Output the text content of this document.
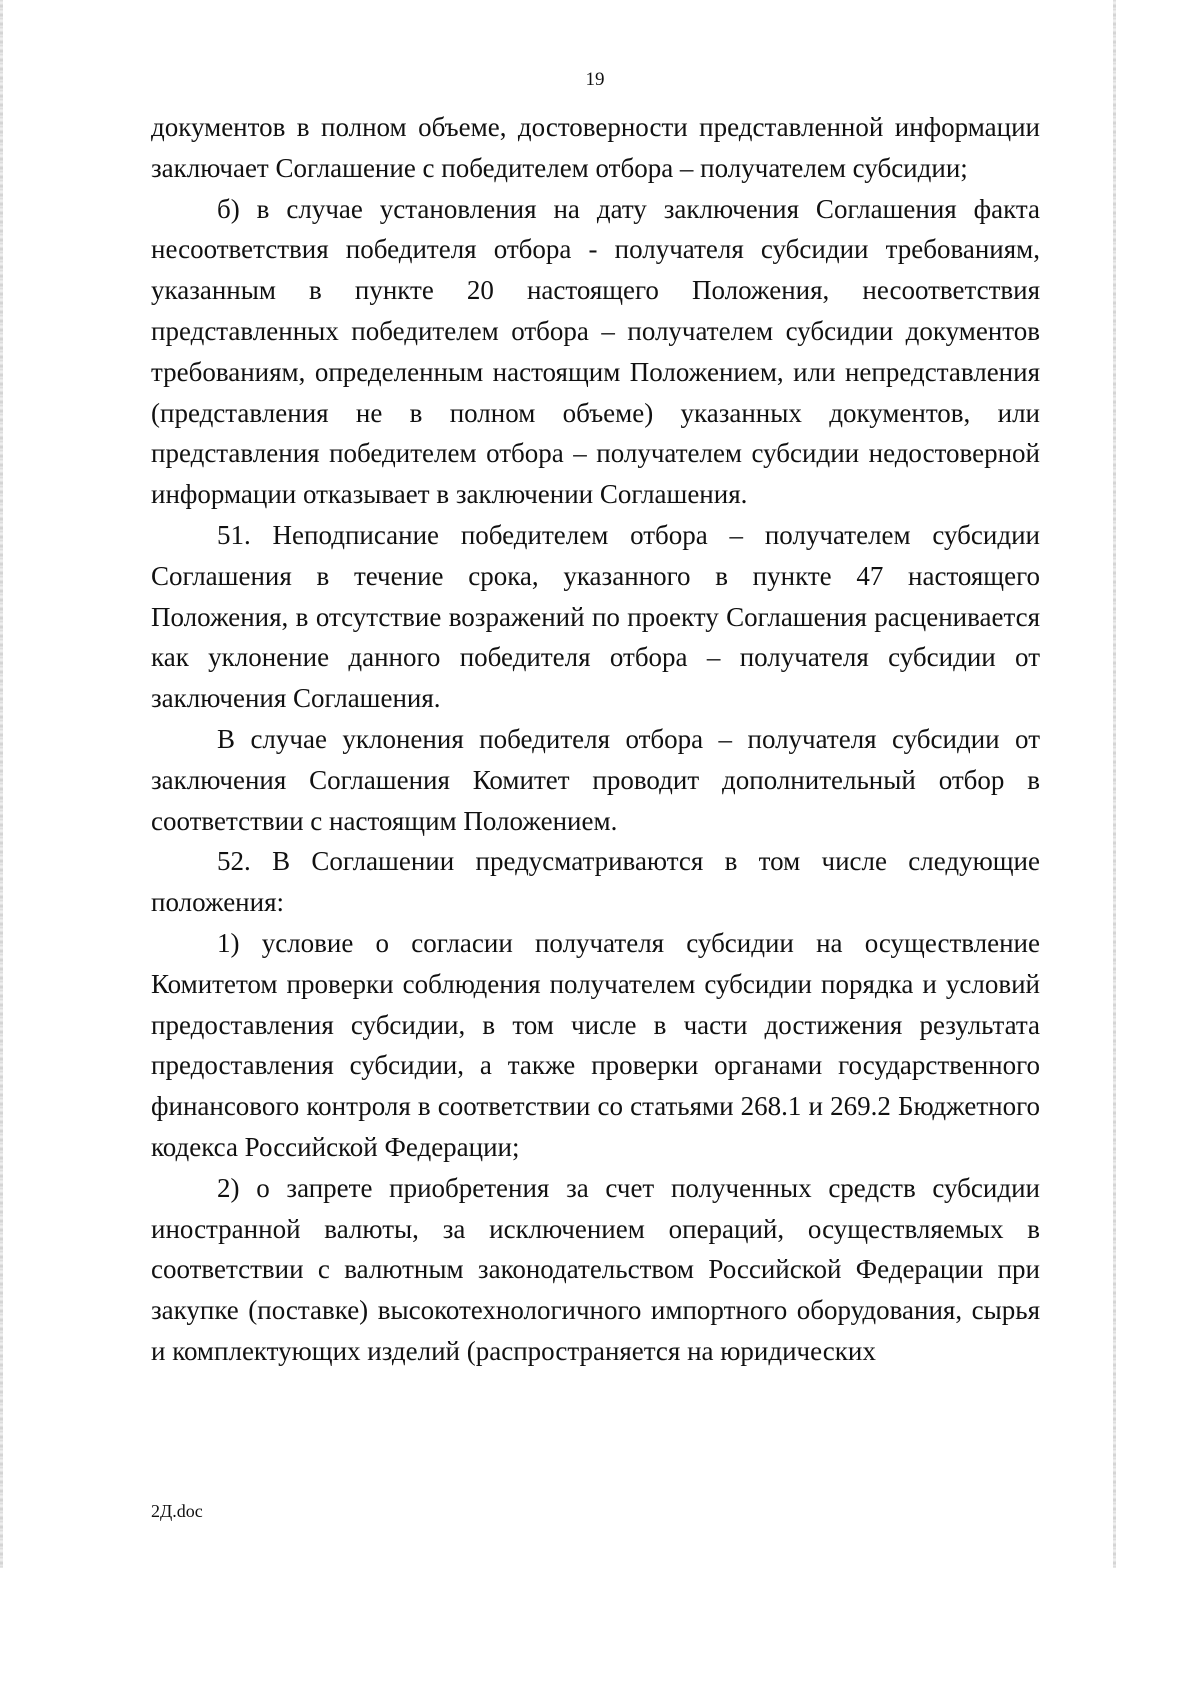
19

документов в полном объеме, достоверности представленной информации заключает Соглашение с победителем отбора – получателем субсидии;

б) в случае установления на дату заключения Соглашения факта несоответствия победителя отбора - получателя субсидии требованиям, указанным в пункте 20 настоящего Положения, несоответствия представленных победителем отбора – получателем субсидии документов требованиям, определенным настоящим Положением, или непредставления (представления не в полном объеме) указанных документов, или представления победителем отбора – получателем субсидии недостоверной информации отказывает в заключении Соглашения.

51. Неподписание победителем отбора – получателем субсидии Соглашения в течение срока, указанного в пункте 47 настоящего Положения, в отсутствие возражений по проекту Соглашения расценивается как уклонение данного победителя отбора – получателя субсидии от заключения Соглашения.

В случае уклонения победителя отбора – получателя субсидии от заключения Соглашения Комитет проводит дополнительный отбор в соответствии с настоящим Положением.

52. В Соглашении предусматриваются в том числе следующие положения:

1) условие о согласии получателя субсидии на осуществление Комитетом проверки соблюдения получателем субсидии порядка и условий предоставления субсидии, в том числе в части достижения результата предоставления субсидии, а также проверки органами государственного финансового контроля в соответствии со статьями 268.1 и 269.2 Бюджетного кодекса Российской Федерации;

2) о запрете приобретения за счет полученных средств субсидии иностранной валюты, за исключением операций, осуществляемых в соответствии с валютным законодательством Российской Федерации при закупке (поставке) высокотехнологичного импортного оборудования, сырья и комплектующих изделий (распространяется на юридических

2Д.doc
